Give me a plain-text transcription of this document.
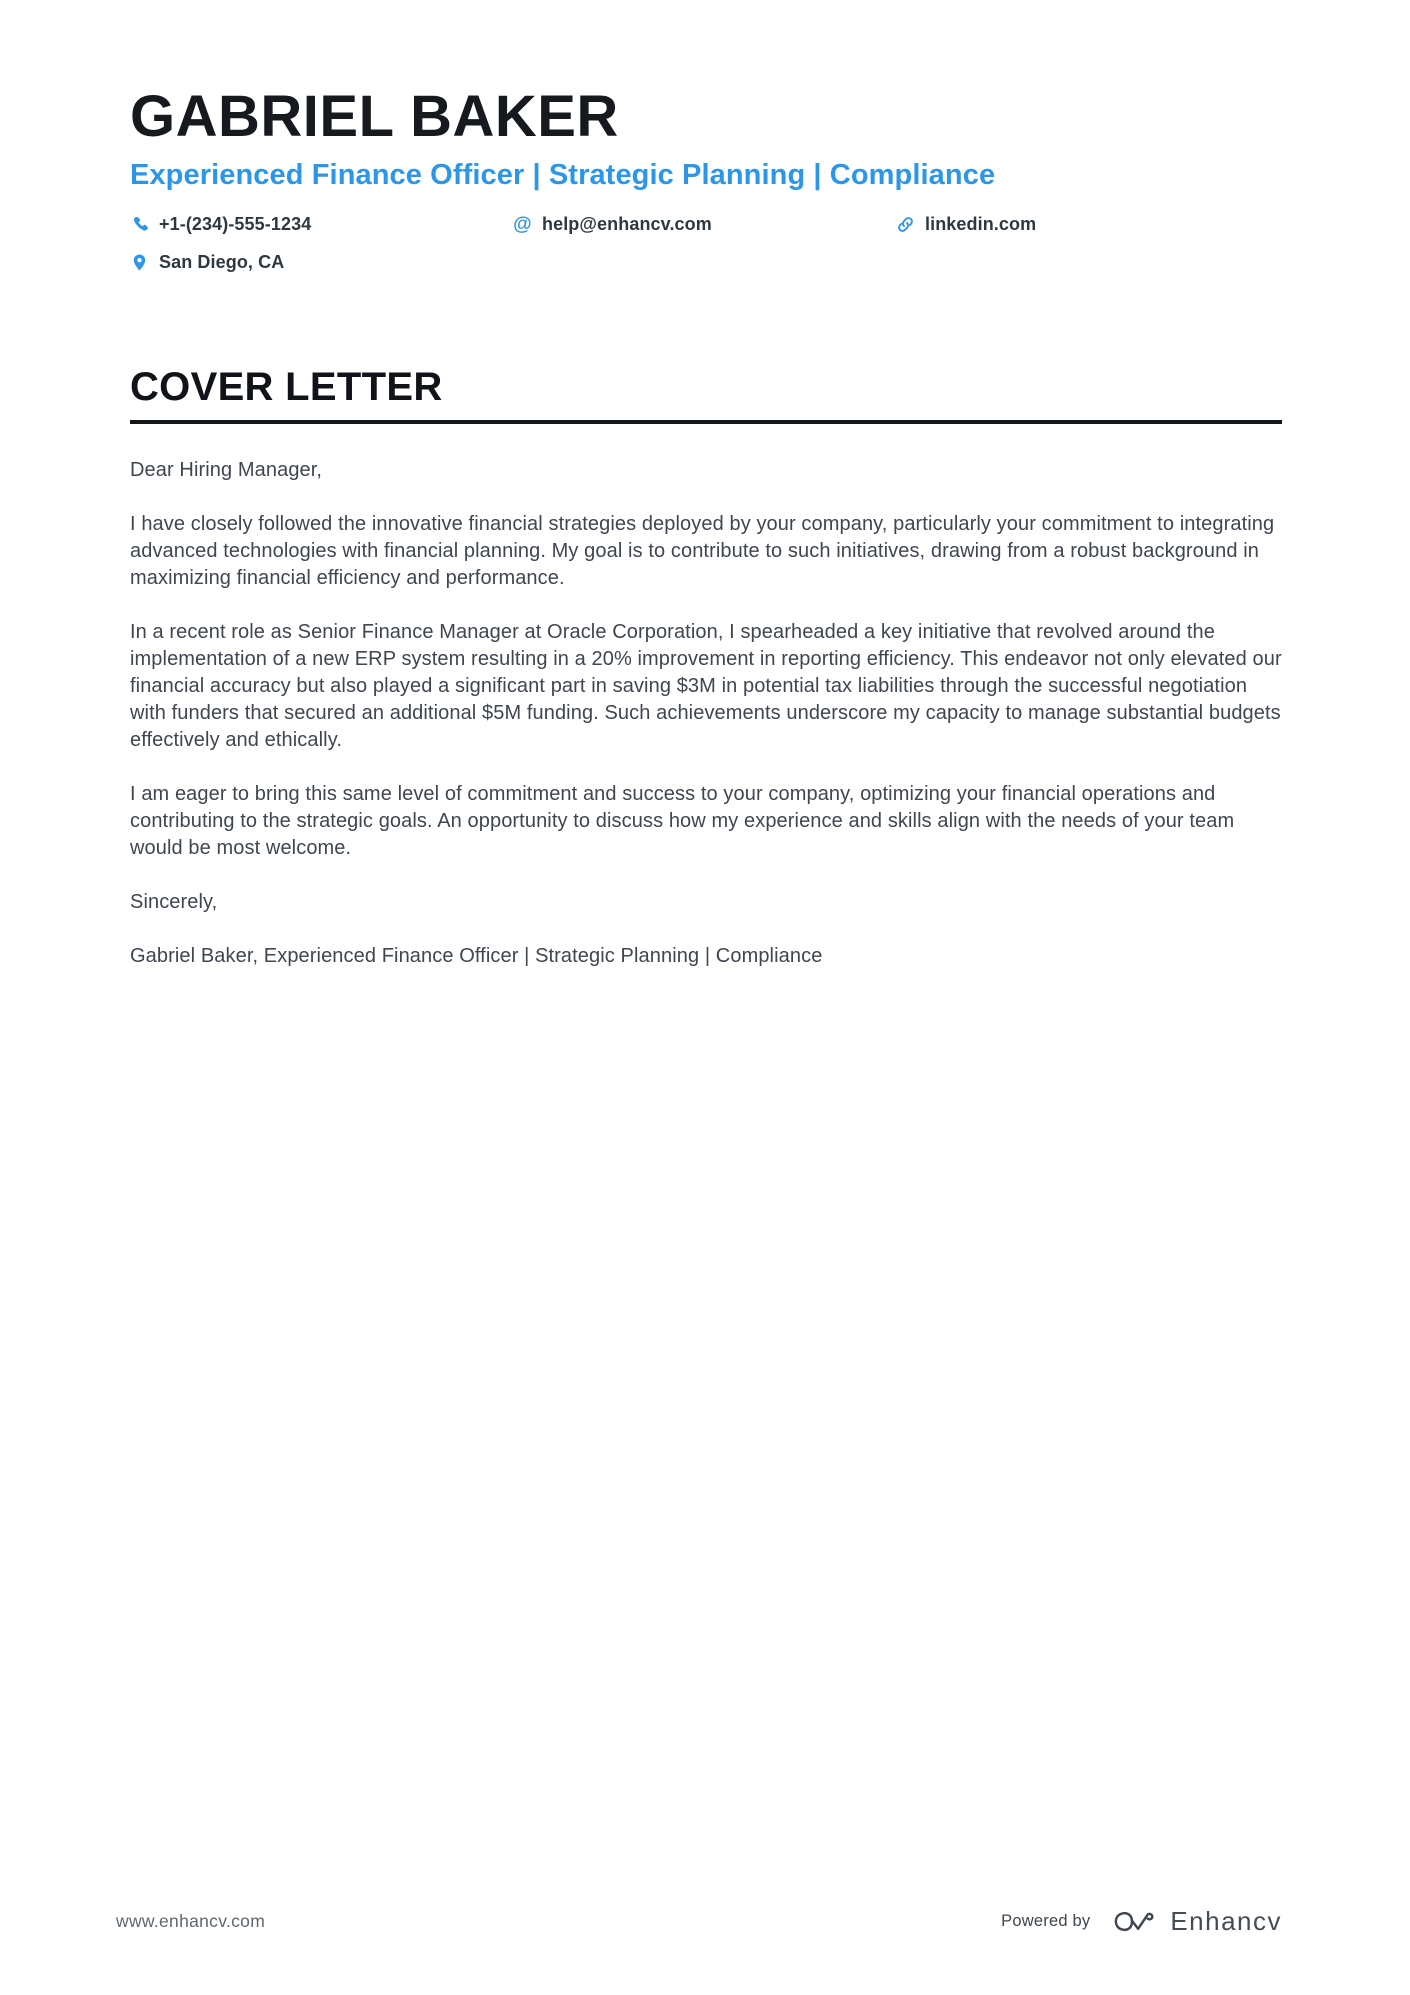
GABRIEL BAKER
Experienced Finance Officer | Strategic Planning | Compliance
+1-(234)-555-1234	@ help@enhancv.com	linkedin.com
San Diego, CA
COVER LETTER

Dear Hiring Manager,

I have closely followed the innovative financial strategies deployed by your company, particularly your commitment to integrating advanced technologies with financial planning. My goal is to contribute to such initiatives, drawing from a robust background in maximizing financial efficiency and performance.

In a recent role as Senior Finance Manager at Oracle Corporation, I spearheaded a key initiative that revolved around the implementation of a new ERP system resulting in a 20% improvement in reporting efficiency. This endeavor not only elevated our financial accuracy but also played a significant part in saving $3M in potential tax liabilities through the successful negotiation with funders that secured an additional $5M funding. Such achievements underscore my capacity to manage substantial budgets effectively and ethically.

I am eager to bring this same level of commitment and success to your company, optimizing your financial operations and contributing to the strategic goals. An opportunity to discuss how my experience and skills align with the needs of your team would be most welcome.

Sincerely,

Gabriel Baker, Experienced Finance Officer | Strategic Planning | Compliance

www.enhancv.com	Powered by	Enhancv
